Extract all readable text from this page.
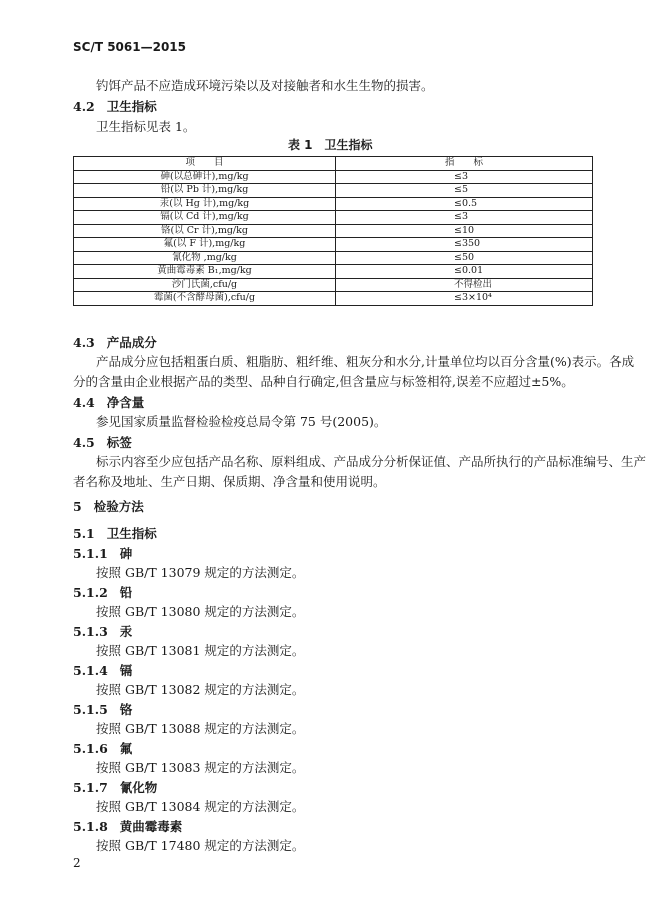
SC/T 5061—2015
钓饵产品不应造成环境污染以及对接触者和水生生物的损害。
4.2 卫生指标
卫生指标见表 1。
表 1　卫生指标
项　　目	指　　标
砷(以总砷计),mg/kg	≤3
铅(以 Pb 计),mg/kg	≤5
汞(以 Hg 计),mg/kg	≤0.5
镉(以 Cd 计),mg/kg	≤3
铬(以 Cr 计),mg/kg	≤10
氟(以 F 计),mg/kg	≤350
氰化物 ,mg/kg	≤50
黄曲霉毒素 B₁,mg/kg	≤0.01
沙门氏菌,cfu/g	不得检出
霉菌(不含酵母菌),cfu/g	≤3×10⁴
4.3 产品成分
产品成分应包括粗蛋白质、粗脂肪、粗纤维、粗灰分和水分,计量单位均以百分含量(%)表示。各成
分的含量由企业根据产品的类型、品种自行确定,但含量应与标签相符,误差不应超过±5%。
4.4 净含量
参见国家质量监督检验检疫总局令第 75 号(2005)。
4.5 标签
标示内容至少应包括产品名称、原料组成、产品成分分析保证值、产品所执行的产品标准编号、生产
者名称及地址、生产日期、保质期、净含量和使用说明。
5 检验方法
5.1 卫生指标
5.1.1 砷
按照 GB/T 13079 规定的方法测定。
5.1.2 铅
按照 GB/T 13080 规定的方法测定。
5.1.3 汞
按照 GB/T 13081 规定的方法测定。
5.1.4 镉
按照 GB/T 13082 规定的方法测定。
5.1.5 铬
按照 GB/T 13088 规定的方法测定。
5.1.6 氟
按照 GB/T 13083 规定的方法测定。
5.1.7 氰化物
按照 GB/T 13084 规定的方法测定。
5.1.8 黄曲霉毒素
按照 GB/T 17480 规定的方法测定。
2
